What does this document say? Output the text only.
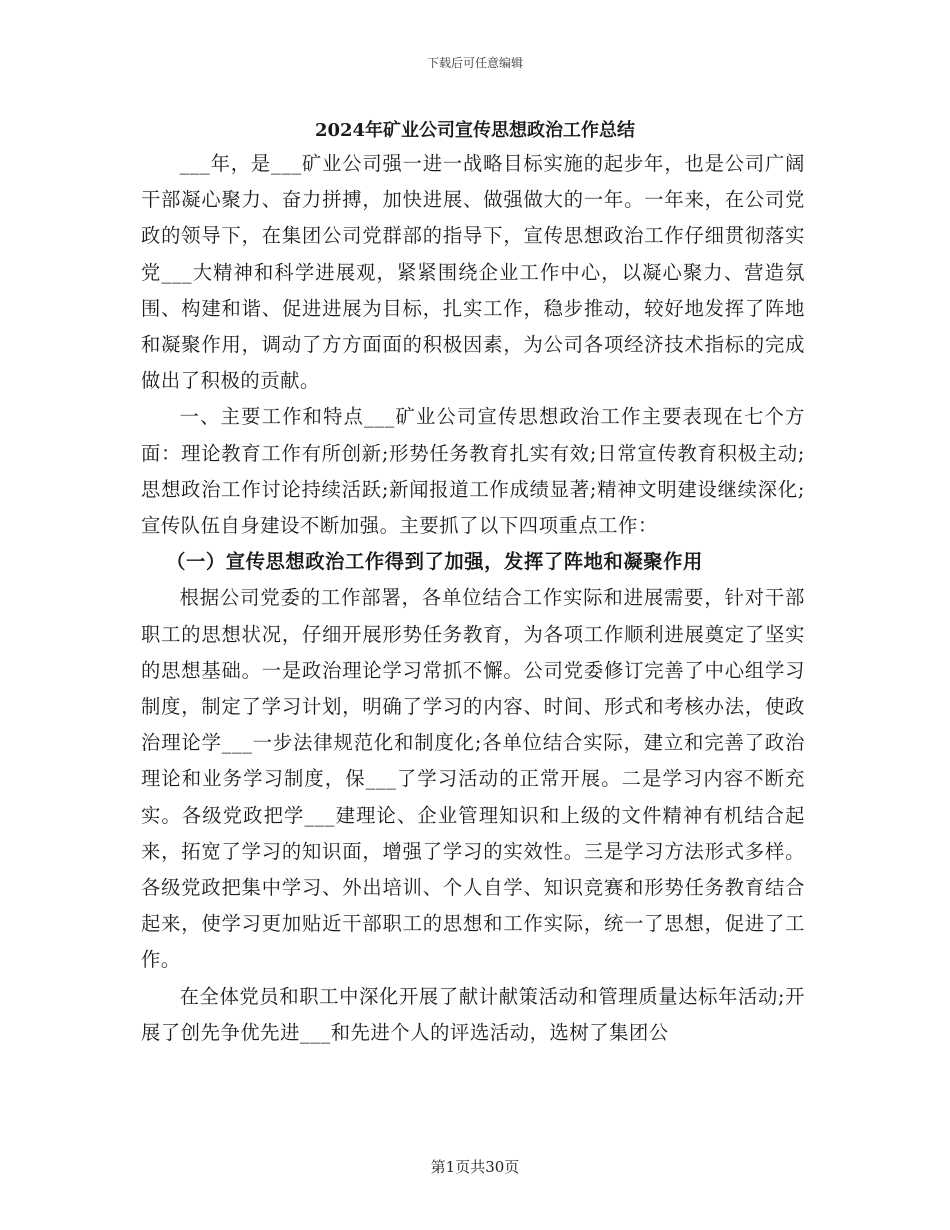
下载后可任意编辑
2024年矿业公司宣传思想政治工作总结

___年，是___矿业公司强一进一战略目标实施的起步年，也是公司广阔干部凝心聚力、奋力拼搏，加快进展、做强做大的一年。一年来，在公司党政的领导下，在集团公司党群部的指导下，宣传思想政治工作仔细贯彻落实党___大精神和科学进展观，紧紧围绕企业工作中心，以凝心聚力、营造氛围、构建和谐、促进进展为目标，扎实工作，稳步推动，较好地发挥了阵地和凝聚作用，调动了方方面面的积极因素，为公司各项经济技术指标的完成做出了积极的贡献。

一、主要工作和特点___矿业公司宣传思想政治工作主要表现在七个方面：理论教育工作有所创新;形势任务教育扎实有效;日常宣传教育积极主动;思想政治工作讨论持续活跃;新闻报道工作成绩显著;精神文明建设继续深化;宣传队伍自身建设不断加强。主要抓了以下四项重点工作：

（一）宣传思想政治工作得到了加强，发挥了阵地和凝聚作用

根据公司党委的工作部署，各单位结合工作实际和进展需要，针对干部职工的思想状况，仔细开展形势任务教育，为各项工作顺利进展奠定了坚实的思想基础。一是政治理论学习常抓不懈。公司党委修订完善了中心组学习制度，制定了学习计划，明确了学习的内容、时间、形式和考核办法，使政治理论学___一步法律规范化和制度化;各单位结合实际，建立和完善了政治理论和业务学习制度，保___了学习活动的正常开展。二是学习内容不断充实。各级党政把学___建理论、企业管理知识和上级的文件精神有机结合起来，拓宽了学习的知识面，增强了学习的实效性。三是学习方法形式多样。各级党政把集中学习、外出培训、个人自学、知识竞赛和形势任务教育结合起来，使学习更加贴近干部职工的思想和工作实际，统一了思想，促进了工作。

在全体党员和职工中深化开展了献计献策活动和管理质量达标年活动;开展了创先争优先进___和先进个人的评选活动，选树了集团公

第1页共30页
